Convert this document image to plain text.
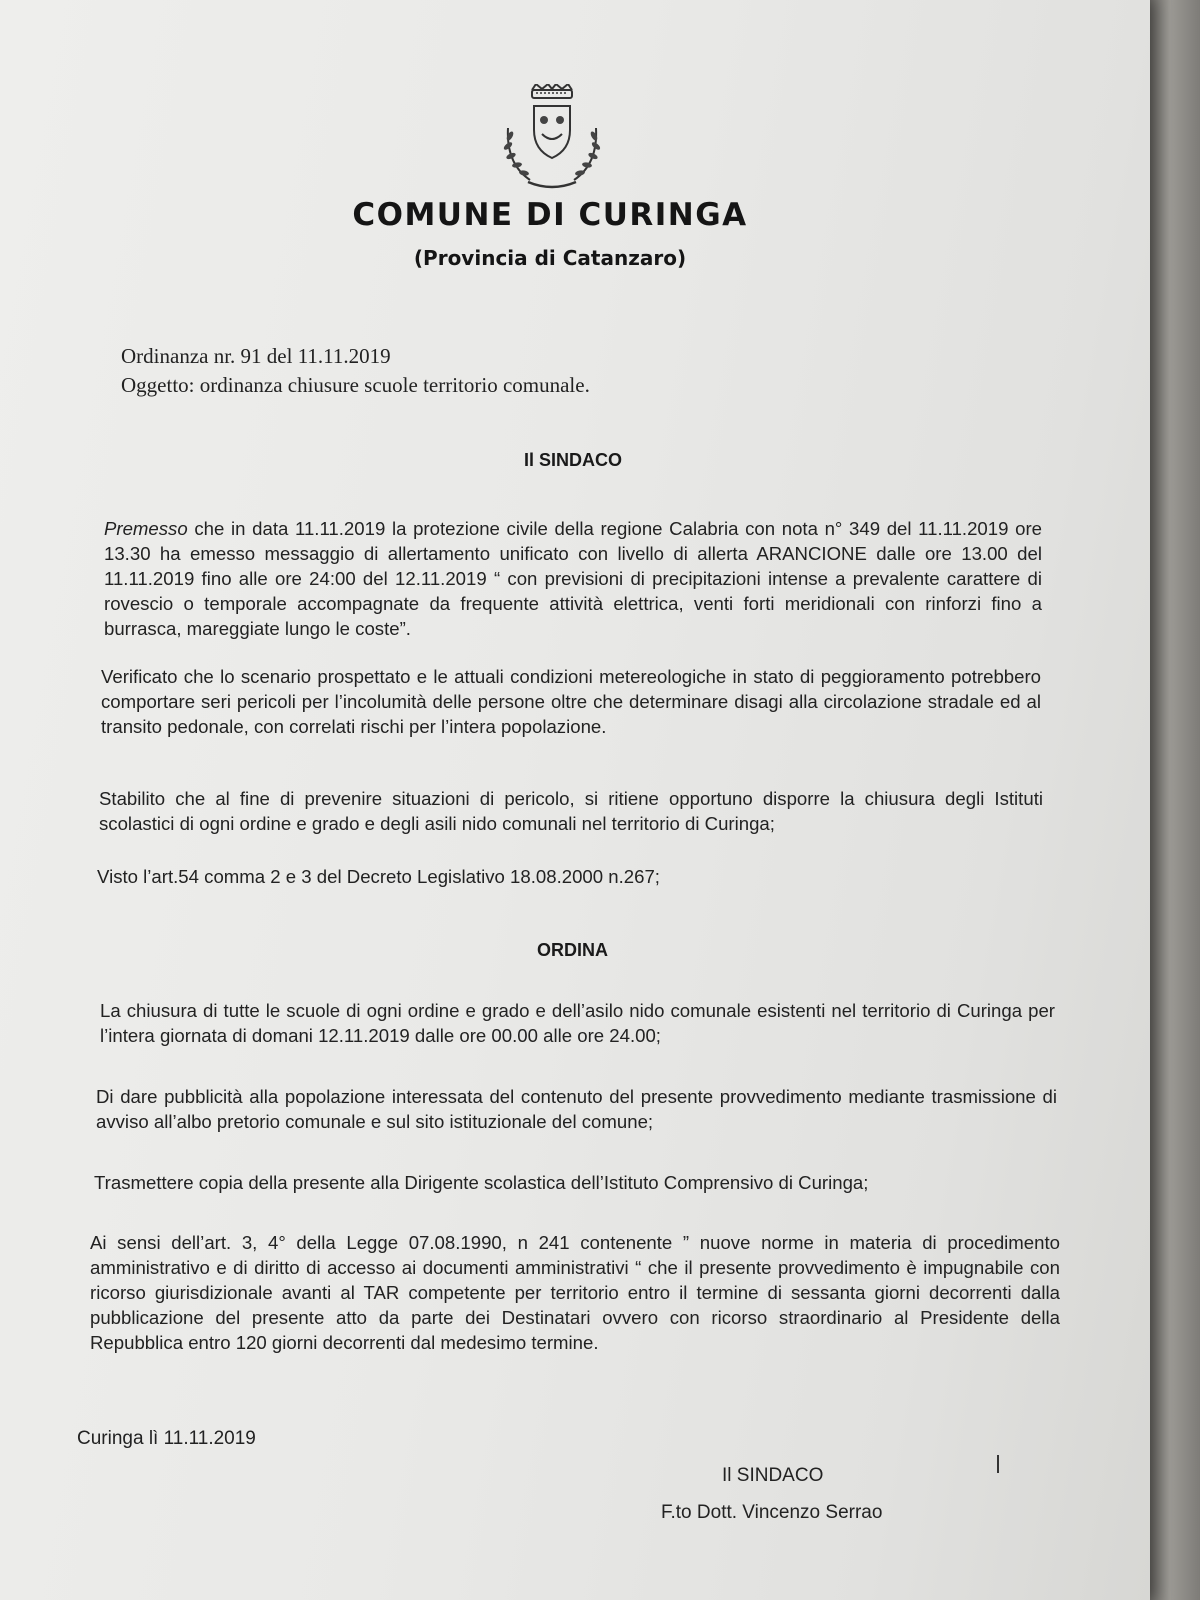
COMUNE DI CURINGA
(Provincia di Catanzaro)
Ordinanza nr. 91 del 11.11.2019
Oggetto: ordinanza chiusure scuole territorio comunale.
Il SINDACO
Premesso che in data 11.11.2019 la protezione civile della regione Calabria con nota n° 349 del 11.11.2019 ore 13.30 ha emesso messaggio di allertamento unificato con livello di allerta ARANCIONE dalle ore 13.00 del 11.11.2019 fino alle ore 24:00 del 12.11.2019 “ con previsioni di precipitazioni intense a prevalente carattere di rovescio o temporale accompagnate da frequente attività elettrica, venti forti meridionali con rinforzi fino a burrasca, mareggiate lungo le coste”.
Verificato che lo scenario prospettato e le attuali condizioni metereologiche in stato di peggioramento potrebbero comportare seri pericoli per l’incolumità delle persone oltre che determinare disagi alla circolazione stradale ed al transito pedonale, con correlati rischi per l’intera popolazione.
Stabilito che al fine di prevenire situazioni di pericolo, si ritiene opportuno disporre la chiusura degli Istituti scolastici di ogni ordine e grado e degli asili nido comunali nel territorio di Curinga;
Visto l’art.54 comma 2 e 3 del Decreto Legislativo 18.08.2000 n.267;
ORDINA
La chiusura di tutte le scuole di ogni ordine e grado e dell’asilo nido comunale esistenti nel territorio di Curinga per l’intera giornata di domani 12.11.2019 dalle ore 00.00 alle ore 24.00;
Di dare pubblicità alla popolazione interessata del contenuto del presente provvedimento mediante trasmissione di avviso all’albo pretorio comunale e sul sito istituzionale del comune;
Trasmettere copia della presente alla Dirigente scolastica dell’Istituto Comprensivo di Curinga;
Ai sensi dell’art. 3, 4° della Legge 07.08.1990, n 241 contenente ” nuove norme in materia di procedimento amministrativo e di diritto di accesso ai documenti amministrativi “ che il presente provvedimento è impugnabile con ricorso giurisdizionale avanti al TAR competente per territorio entro il termine di sessanta giorni decorrenti dalla pubblicazione del presente atto da parte dei Destinatari ovvero con ricorso straordinario al Presidente della Repubblica entro 120 giorni decorrenti dal medesimo termine.
Curinga lì 11.11.2019
Il SINDACO
F.to Dott. Vincenzo Serrao
